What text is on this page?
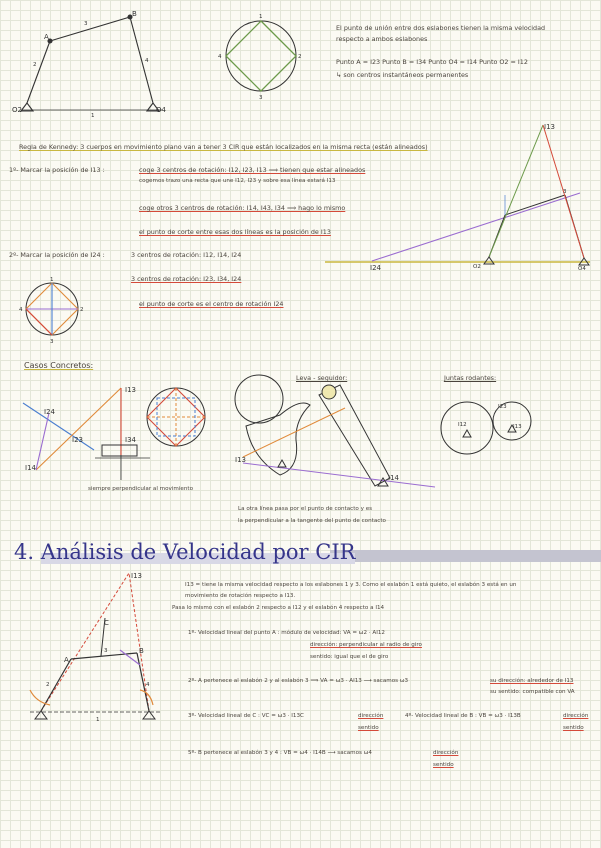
A
B
O2	O4
2
3
4
1
1
2
3
4
I13
I24	O2	O4
3
1
2
3
4
I24
I13
I23	I34
I14
I13
I14
I12
I23
I13
I13
A
B
C
3
2	4
1
El punto de unión entre dos eslabones tienen la misma velocidad
respecto a ambos eslabones
Punto A = I23 Punto B = I34 Punto O4 = I14 Punto O2 = I12
↳ son centros instantáneos permanentes
Regla de Kennedy: 3 cuerpos en movimiento plano van a tener 3 CIR que están localizados en la misma recta (están alineados)
1º- Marcar la posición de I13 :	coge 3 centros de rotación: I12, I23, I13 ⟹ tienen que estar alineados
cogemos trazo una recta que une I12, I23 y sobre esa línea estará I13
coge otros 3 centros de rotación: I14, I43, I34 ⟹ hago lo mismo
el punto de corte entre esas dos líneas es la posición de I13
2º- Marcar la posición de I24 :	3 centros de rotación: I12, I14, I24
3 centros de rotación: I23, I34, I24
el punto de corte es el centro de rotación I24
Casos Concretos:
siempre perpendicular al movimiento
Leva - seguidor:	Juntas rodantes:
La otra línea pasa por el punto de contacto y es
la perpendicular a la tangente del punto de contacto
4. Análisis de Velocidad por CIR
I13 = tiene la misma velocidad respecto a los eslabones 1 y 3. Como el eslabón 1 está quieto, el eslabón 3 está en un
movimiento de rotación respecto a I13.
Pasa lo mismo con el eslabón 2 respecto a I12 y el eslabón 4 respecto a I14
1º- Velocidad lineal del punto A : módulo de velocidad: VA = ω2 · AI12
dirección: perpendicular al radio de giro
sentido: igual que el de giro
2º- A pertenece al eslabón 2 y al eslabón 3 ⟹ VA = ω3 · AI13 ⟶ sacamos ω3	su dirección: alrededor de I13
su sentido: compatible con VA
3º- Velocidad lineal de C : VC = ω3 · I13C	dirección
sentido
4º- Velocidad lineal de B : VB = ω3 · I13B	dirección
sentido
5º- B pertenece al eslabón 3 y 4 : VB = ω4 · I14B ⟶ sacamos ω4	dirección
sentido
